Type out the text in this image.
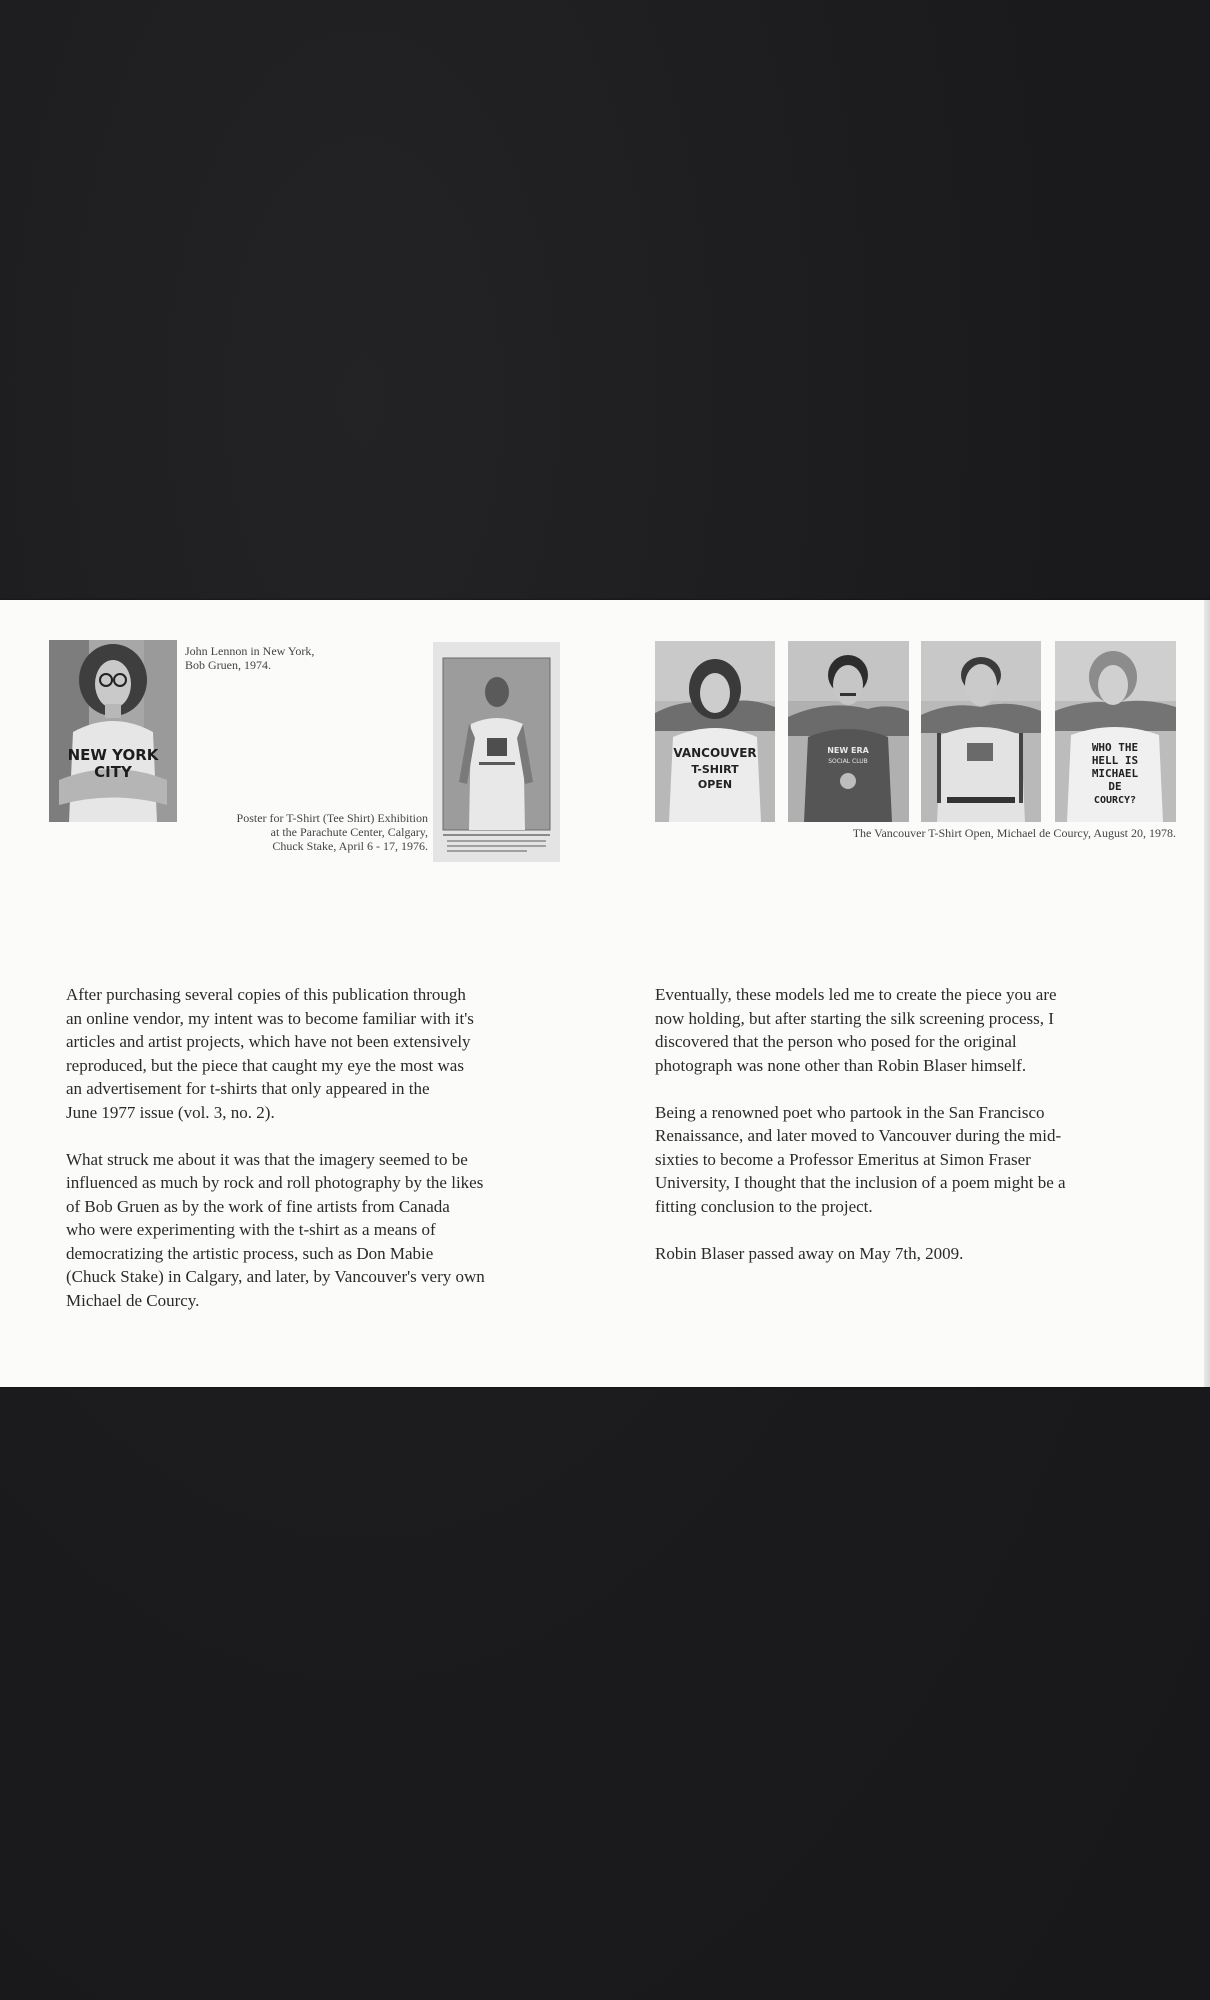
NEW YORK
CITY
John Lennon in New York,
Bob Gruen, 1974.
Poster for T-Shirt (Tee Shirt) Exhibition
at the Parachute Center, Calgary,
Chuck Stake, April 6 - 17, 1976.
VANCOUVER
T-SHIRT
OPEN
NEW ERA
SOCIAL CLUB
WHO THE
HELL IS
MICHAEL
DE
COURCY?
The Vancouver T-Shirt Open, Michael de Courcy, August 20, 1978.

After purchasing several copies of this publication through
an online vendor, my intent was to become familiar with it's
articles and artist projects, which have not been extensively
reproduced, but the piece that caught my eye the most was
an advertisement for t-shirts that only appeared in the
June 1977 issue (vol. 3, no. 2).

What struck me about it was that the imagery seemed to be
influenced as much by rock and roll photography by the likes
of Bob Gruen as by the work of fine artists from Canada
who were experimenting with the t-shirt as a means of
democratizing the artistic process, such as Don Mabie
(Chuck Stake) in Calgary, and later, by Vancouver's very own
Michael de Courcy.

Eventually, these models led me to create the piece you are
now holding, but after starting the silk screening process, I
discovered that the person who posed for the original
photograph was none other than Robin Blaser himself.

Being a renowned poet who partook in the San Francisco
Renaissance, and later moved to Vancouver during the mid-
sixties to become a Professor Emeritus at Simon Fraser
University, I thought that the inclusion of a poem might be a
fitting conclusion to the project.

Robin Blaser passed away on May 7th, 2009.
